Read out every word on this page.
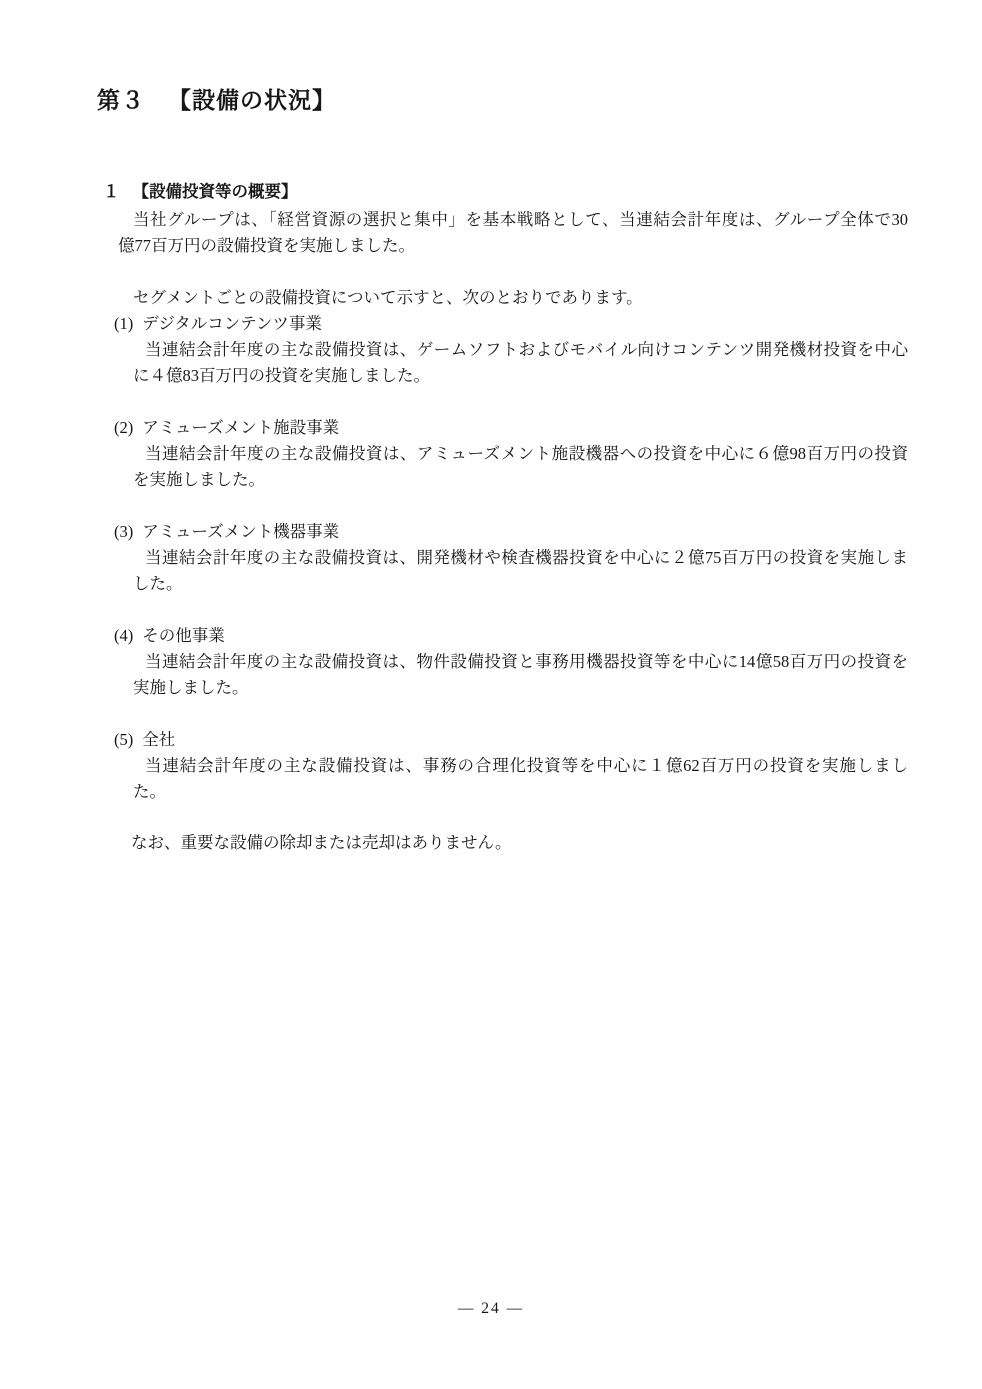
第３ 【設備の状況】
１ 【設備投資等の概要】
当社グループは、「経営資源の選択と集中」を基本戦略として、当連結会計年度は、グループ全体で30
億77百万円の設備投資を実施しました。
セグメントごとの設備投資について示すと、次のとおりであります。
(1) デジタルコンテンツ事業
当連結会計年度の主な設備投資は、ゲームソフトおよびモバイル向けコンテンツ開発機材投資を中心
に４億83百万円の投資を実施しました。
(2) アミューズメント施設事業
当連結会計年度の主な設備投資は、アミューズメント施設機器への投資を中心に６億98百万円の投資
を実施しました。
(3) アミューズメント機器事業
当連結会計年度の主な設備投資は、開発機材や検査機器投資を中心に２億75百万円の投資を実施しま
した。
(4) その他事業
当連結会計年度の主な設備投資は、物件設備投資と事務用機器投資等を中心に14億58百万円の投資を
実施しました。
(5) 全社
当連結会計年度の主な設備投資は、事務の合理化投資等を中心に１億62百万円の投資を実施しまし
た。
なお、重要な設備の除却または売却はありません。
― 24 ―
